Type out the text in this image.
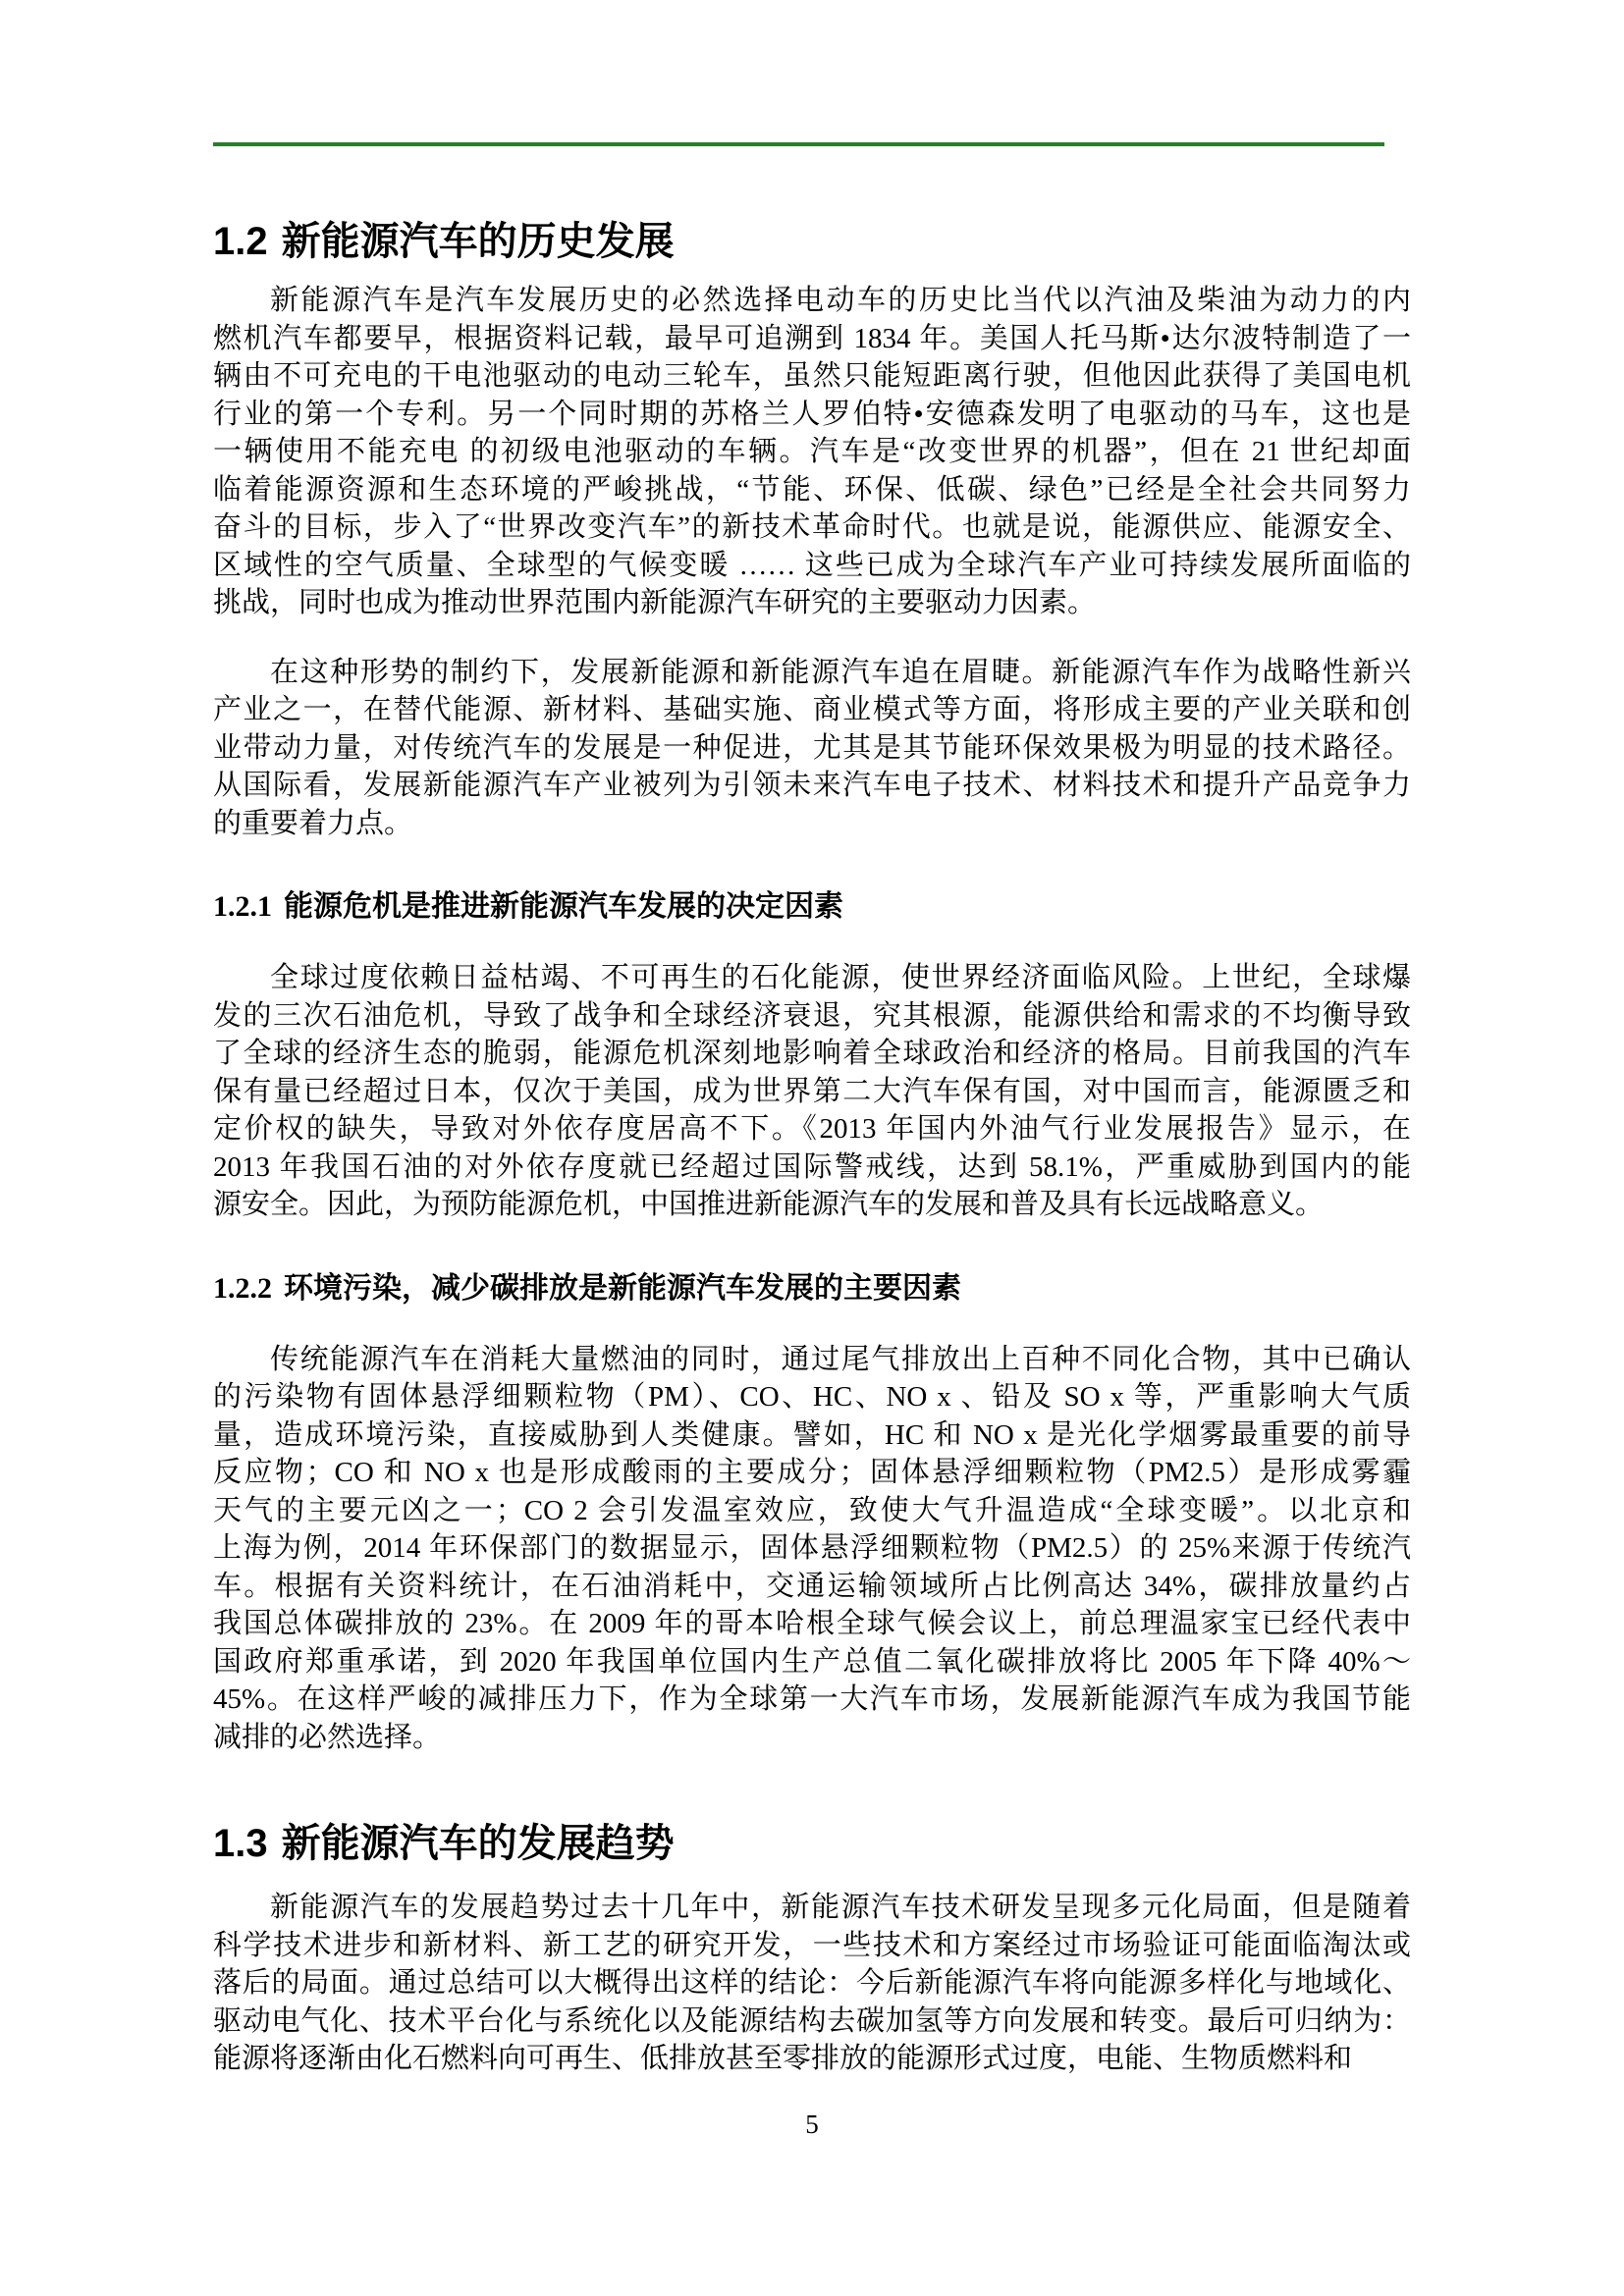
1.2 新能源汽车的历史发展
新能源汽车是汽车发展历史的必然选择电动车的历史比当代以汽油及柴油为动力的内
燃机汽车都要早，根据资料记载，最早可追溯到 1834 年。美国人托马斯•达尔波特制造了一
辆由不可充电的干电池驱动的电动三轮车，虽然只能短距离行驶，但他因此获得了美国电机
行业的第一个专利。另一个同时期的苏格兰人罗伯特•安德森发明了电驱动的马车，这也是
一辆使用不能充电 的初级电池驱动的车辆。汽车是“改变世界的机器”，但在 21 世纪却面
临着能源资源和生态环境的严峻挑战，“节能、环保、低碳、绿色”已经是全社会共同努力
奋斗的目标，步入了“世界改变汽车”的新技术革命时代。也就是说，能源供应、能源安全、
区域性的空气质量、全球型的气候变暖 …… 这些已成为全球汽车产业可持续发展所面临的
挑战，同时也成为推动世界范围内新能源汽车研究的主要驱动力因素。
在这种形势的制约下，发展新能源和新能源汽车追在眉睫。新能源汽车作为战略性新兴
产业之一，在替代能源、新材料、基础实施、商业模式等方面，将形成主要的产业关联和创
业带动力量，对传统汽车的发展是一种促进，尤其是其节能环保效果极为明显的技术路径。
从国际看，发展新能源汽车产业被列为引领未来汽车电子技术、材料技术和提升产品竞争力
的重要着力点。
1.2.1 能源危机是推进新能源汽车发展的决定因素
全球过度依赖日益枯竭、不可再生的石化能源，使世界经济面临风险。上世纪，全球爆
发的三次石油危机，导致了战争和全球经济衰退，究其根源，能源供给和需求的不均衡导致
了全球的经济生态的脆弱，能源危机深刻地影响着全球政治和经济的格局。目前我国的汽车
保有量已经超过日本，仅次于美国，成为世界第二大汽车保有国，对中国而言，能源匮乏和
定价权的缺失，导致对外依存度居高不下。《2013 年国内外油气行业发展报告》显示，在
2013 年我国石油的对外依存度就已经超过国际警戒线，达到 58.1%，严重威胁到国内的能
源安全。因此，为预防能源危机，中国推进新能源汽车的发展和普及具有长远战略意义。
1.2.2 环境污染，减少碳排放是新能源汽车发展的主要因素
传统能源汽车在消耗大量燃油的同时，通过尾气排放出上百种不同化合物，其中已确认
的污染物有固体悬浮细颗粒物（PM）、CO、HC、NO x 、铅及 SO x 等，严重影响大气质
量，造成环境污染，直接威胁到人类健康。譬如，HC 和 NO x 是光化学烟雾最重要的前导
反应物；CO 和 NO x 也是形成酸雨的主要成分；固体悬浮细颗粒物（PM2.5）是形成雾霾
天气的主要元凶之一；CO 2 会引发温室效应，致使大气升温造成“全球变暖”。以北京和
上海为例，2014 年环保部门的数据显示，固体悬浮细颗粒物（PM2.5）的 25%来源于传统汽
车。根据有关资料统计，在石油消耗中，交通运输领域所占比例高达 34%，碳排放量约占
我国总体碳排放的 23%。在 2009 年的哥本哈根全球气候会议上，前总理温家宝已经代表中
国政府郑重承诺，到 2020 年我国单位国内生产总值二氧化碳排放将比 2005 年下降 40%～
45%。在这样严峻的减排压力下，作为全球第一大汽车市场，发展新能源汽车成为我国节能
减排的必然选择。
1.3 新能源汽车的发展趋势
新能源汽车的发展趋势过去十几年中，新能源汽车技术研发呈现多元化局面，但是随着
科学技术进步和新材料、新工艺的研究开发，一些技术和方案经过市场验证可能面临淘汰或
落后的局面。通过总结可以大概得出这样的结论：今后新能源汽车将向能源多样化与地域化、
驱动电气化、技术平台化与系统化以及能源结构去碳加氢等方向发展和转变。最后可归纳为：
能源将逐渐由化石燃料向可再生、低排放甚至零排放的能源形式过度，电能、生物质燃料和
5
